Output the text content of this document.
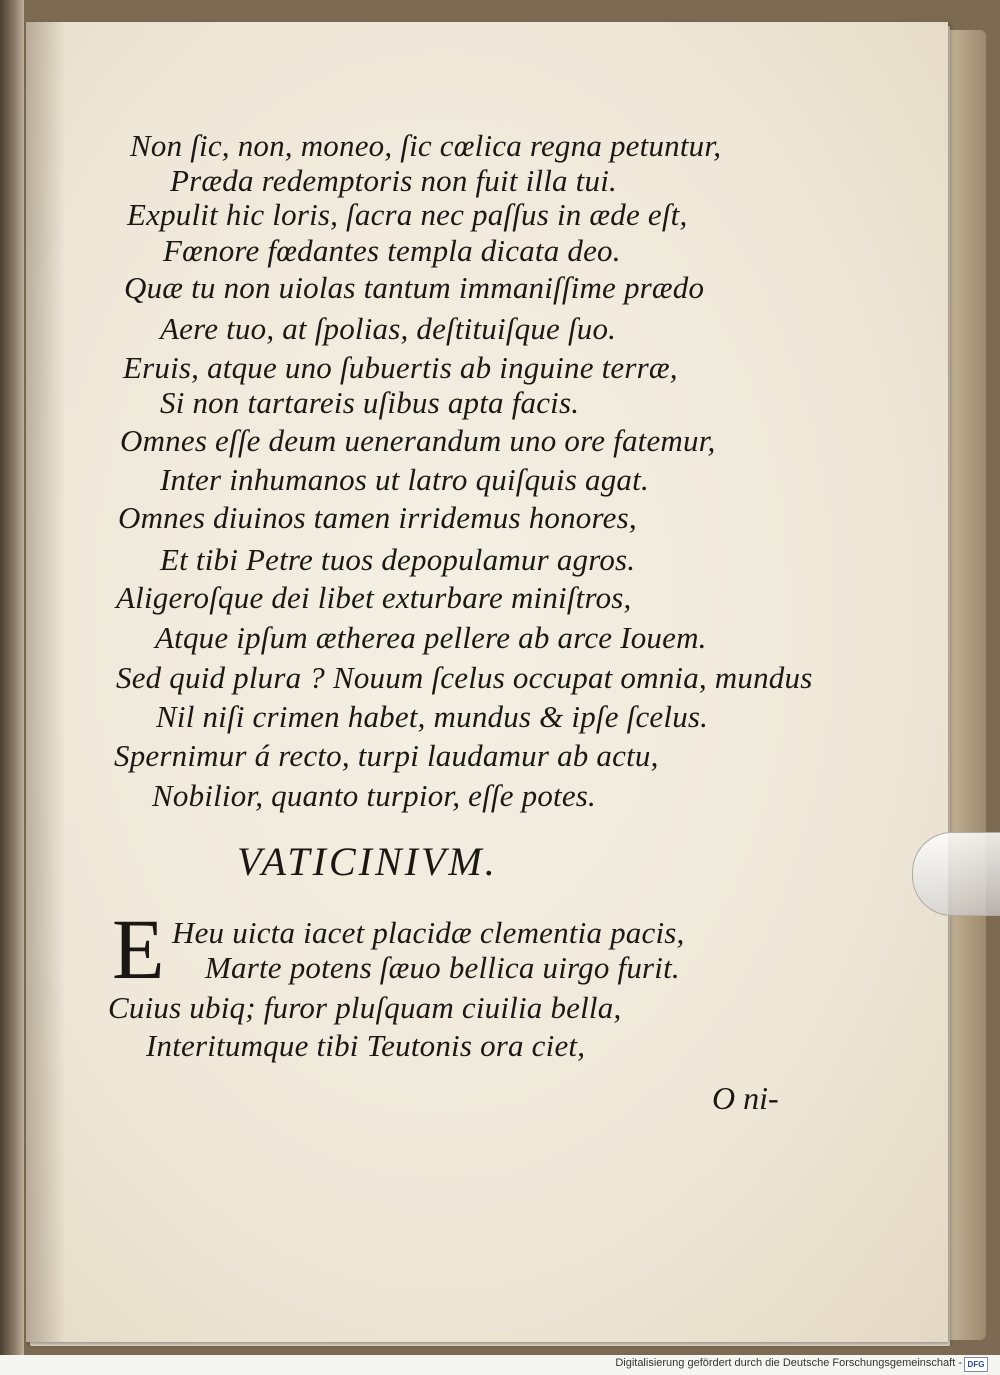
Non ſic, non, moneo, ſic cœlica regna petuntur,
Præda redemptoris non fuit illa tui.
Expulit hic loris, ſacra nec paſſus in æde eſt,
Fœnore fœdantes templa dicata deo.
Quæ tu non uiolas tantum immaniſſime prædo
Aere tuo, at ſpolias, deſtituiſque ſuo.
Eruis, atque uno ſubuertis ab inguine terræ,
Si non tartareis uſibus apta facis.
Omnes eſſe deum uenerandum uno ore fatemur,
Inter inhumanos ut latro quiſquis agat.
Omnes diuinos tamen irridemus honores,
Et tibi Petre tuos depopulamur agros.
Aligeroſque dei libet exturbare miniſtros,
Atque ipſum ætherea pellere ab arce Iouem.
Sed quid plura ? Nouum ſcelus occupat omnia, mundus
Nil niſi crimen habet, mundus & ipſe ſcelus.
Spernimur á recto, turpi laudamur ab actu,
Nobilior, quanto turpior, eſſe potes.
VATICINIVM.
E Heu uicta iacet placidæ clementia pacis,
Marte potens ſæuo bellica uirgo furit.
Cuius ubiq; furor pluſquam ciuilia bella,
Interitumque tibi Teutonis ora ciet,
O ni-
Digitalisierung gefördert durch die Deutsche Forschungsgemeinschaft - DFG
